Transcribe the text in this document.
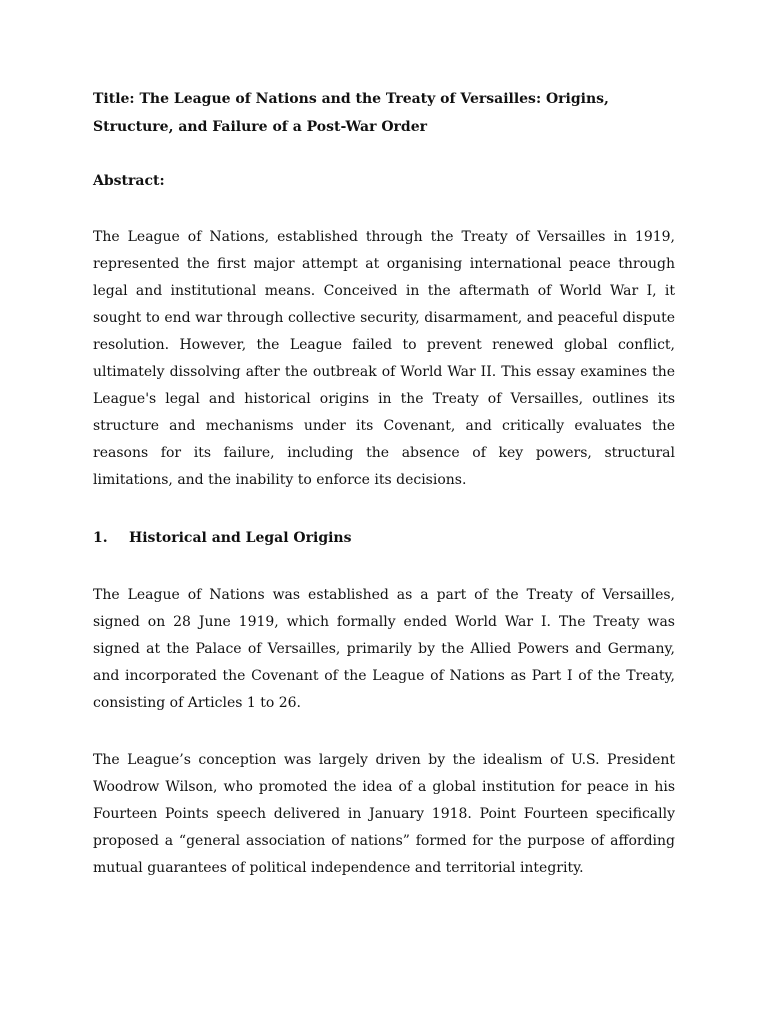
Title: The League of Nations and the Treaty of Versailles: Origins, Structure, and Failure of a Post-War Order

Abstract:

The League of Nations, established through the Treaty of Versailles in 1919, represented the first major attempt at organising international peace through legal and institutional means. Conceived in the aftermath of World War I, it sought to end war through collective security, disarmament, and peaceful dispute resolution. However, the League failed to prevent renewed global conflict, ultimately dissolving after the outbreak of World War II. This essay examines the League's legal and historical origins in the Treaty of Versailles, outlines its structure and mechanisms under its Covenant, and critically evaluates the reasons for its failure, including the absence of key powers, structural limitations, and the inability to enforce its decisions.

1.	Historical and Legal Origins

The League of Nations was established as a part of the Treaty of Versailles, signed on 28 June 1919, which formally ended World War I. The Treaty was signed at the Palace of Versailles, primarily by the Allied Powers and Germany, and incorporated the Covenant of the League of Nations as Part I of the Treaty, consisting of Articles 1 to 26.

The League’s conception was largely driven by the idealism of U.S. President Woodrow Wilson, who promoted the idea of a global institution for peace in his Fourteen Points speech delivered in January 1918. Point Fourteen specifically proposed a “general association of nations” formed for the purpose of affording mutual guarantees of political independence and territorial integrity.
